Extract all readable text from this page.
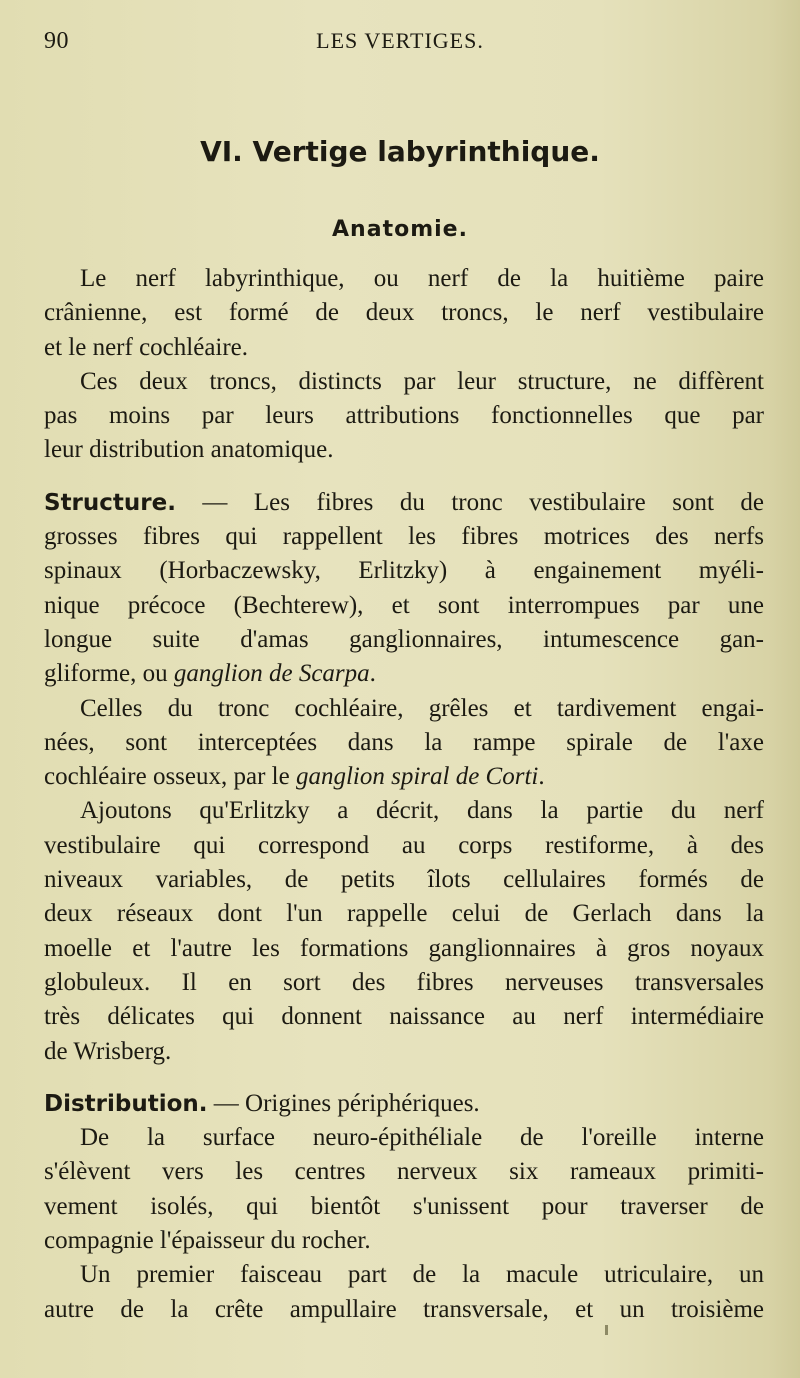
90	LES VERTIGES.
VI. Vertige labyrinthique.
Anatomie.
Le nerf labyrinthique, ou nerf de la huitième paire
crânienne, est formé de deux troncs, le nerf vestibulaire
et le nerf cochléaire.
Ces deux troncs, distincts par leur structure, ne diffèrent
pas moins par leurs attributions fonctionnelles que par
leur distribution anatomique.
Structure. — Les fibres du tronc vestibulaire sont de
grosses fibres qui rappellent les fibres motrices des nerfs
spinaux (Horbaczewsky, Erlitzky) à engainement myéli-
nique précoce (Bechterew), et sont interrompues par une
longue suite d'amas ganglionnaires, intumescence gan-
gliforme, ou ganglion de Scarpa.
Celles du tronc cochléaire, grêles et tardivement engai-
nées, sont interceptées dans la rampe spirale de l'axe
cochléaire osseux, par le ganglion spiral de Corti.
Ajoutons qu'Erlitzky a décrit, dans la partie du nerf
vestibulaire qui correspond au corps restiforme, à des
niveaux variables, de petits îlots cellulaires formés de
deux réseaux dont l'un rappelle celui de Gerlach dans la
moelle et l'autre les formations ganglionnaires à gros noyaux
globuleux. Il en sort des fibres nerveuses transversales
très délicates qui donnent naissance au nerf intermédiaire
de Wrisberg.
Distribution. — Origines périphériques.
De la surface neuro-épithéliale de l'oreille interne
s'élèvent vers les centres nerveux six rameaux primiti-
vement isolés, qui bientôt s'unissent pour traverser de
compagnie l'épaisseur du rocher.
Un premier faisceau part de la macule utriculaire, un
autre de la crête ampullaire transversale, et un troisième
